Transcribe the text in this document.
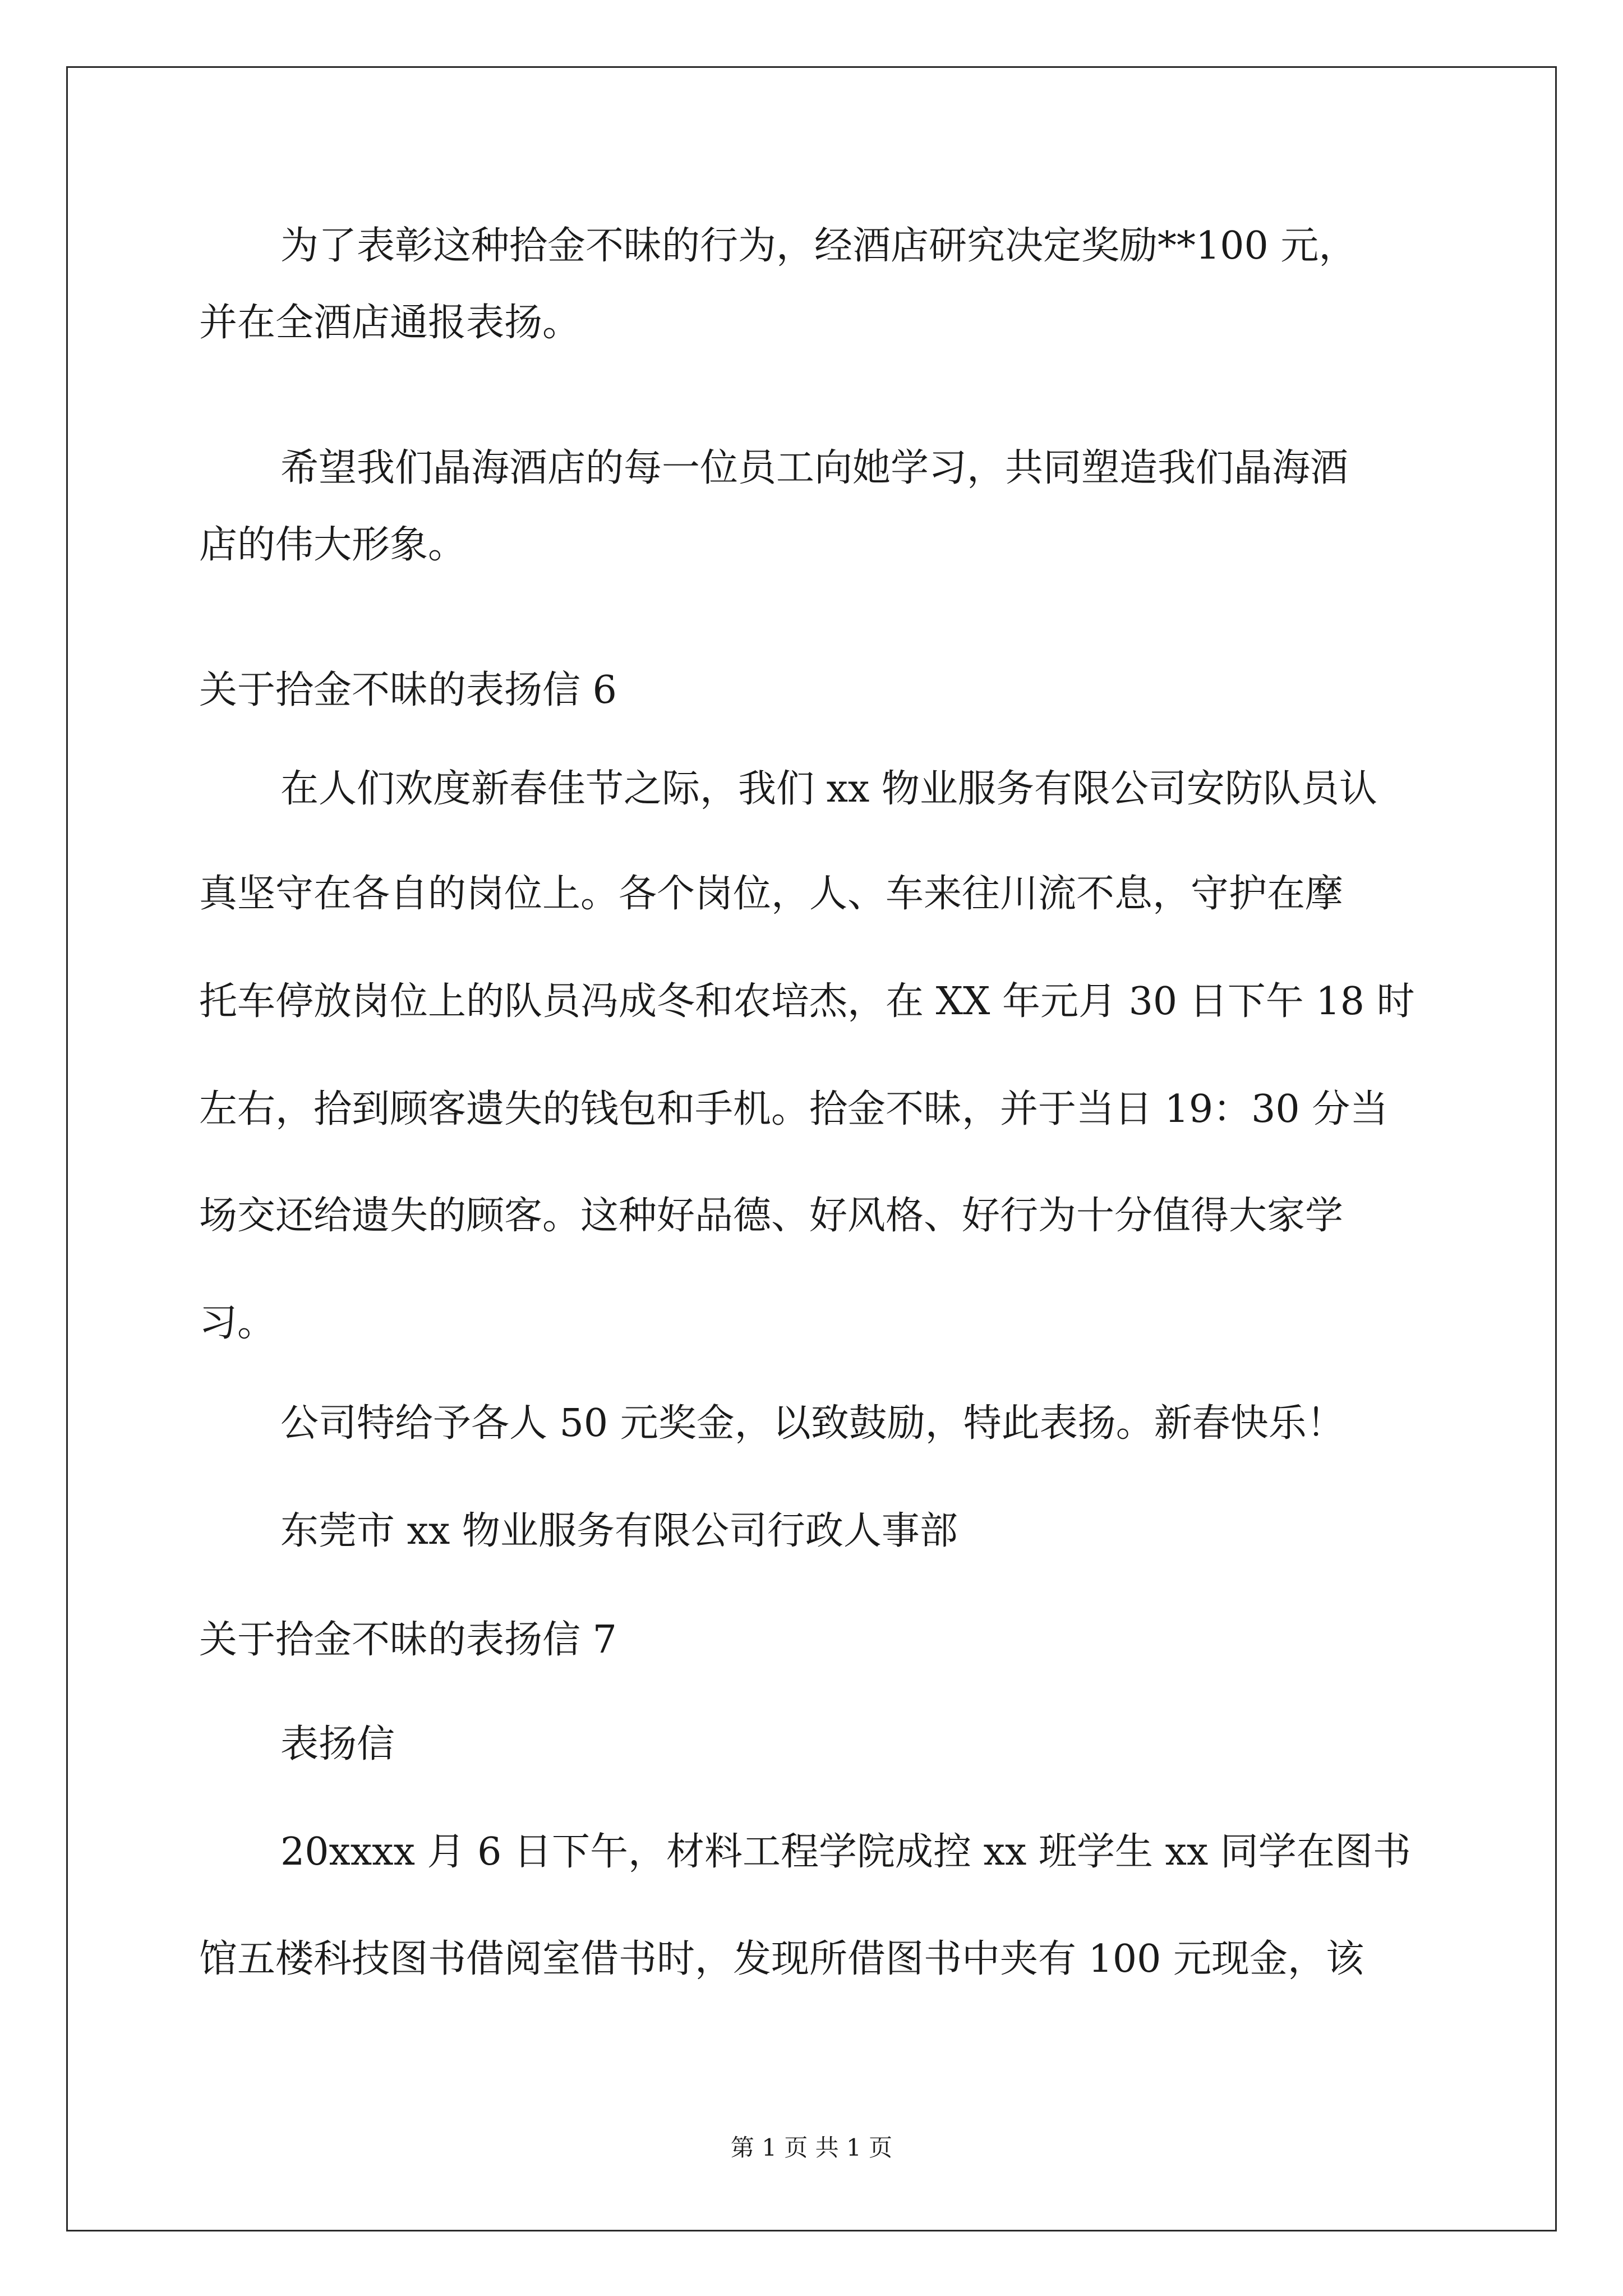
为了表彰这种拾金不昧的行为，经酒店研究决定奖励**100 元，

并在全酒店通报表扬。

希望我们晶海酒店的每一位员工向她学习，共同塑造我们晶海酒

店的伟大形象。

关于拾金不昧的表扬信 6

在人们欢度新春佳节之际，我们 xx 物业服务有限公司安防队员认

真坚守在各自的岗位上。各个岗位，人、车来往川流不息，守护在摩

托车停放岗位上的队员冯成冬和农培杰，在 XX 年元月 30 日下午 18 时

左右，拾到顾客遗失的钱包和手机。拾金不昧，并于当日 19：30 分当

场交还给遗失的顾客。这种好品德、好风格、好行为十分值得大家学

习。

公司特给予各人 50 元奖金，以致鼓励，特此表扬。新春快乐！

东莞市 xx 物业服务有限公司行政人事部

关于拾金不昧的表扬信 7

表扬信

20xxxx 月 6 日下午，材料工程学院成控 xx 班学生 xx 同学在图书

馆五楼科技图书借阅室借书时，发现所借图书中夹有 100 元现金，该

第 1 页 共 1 页
